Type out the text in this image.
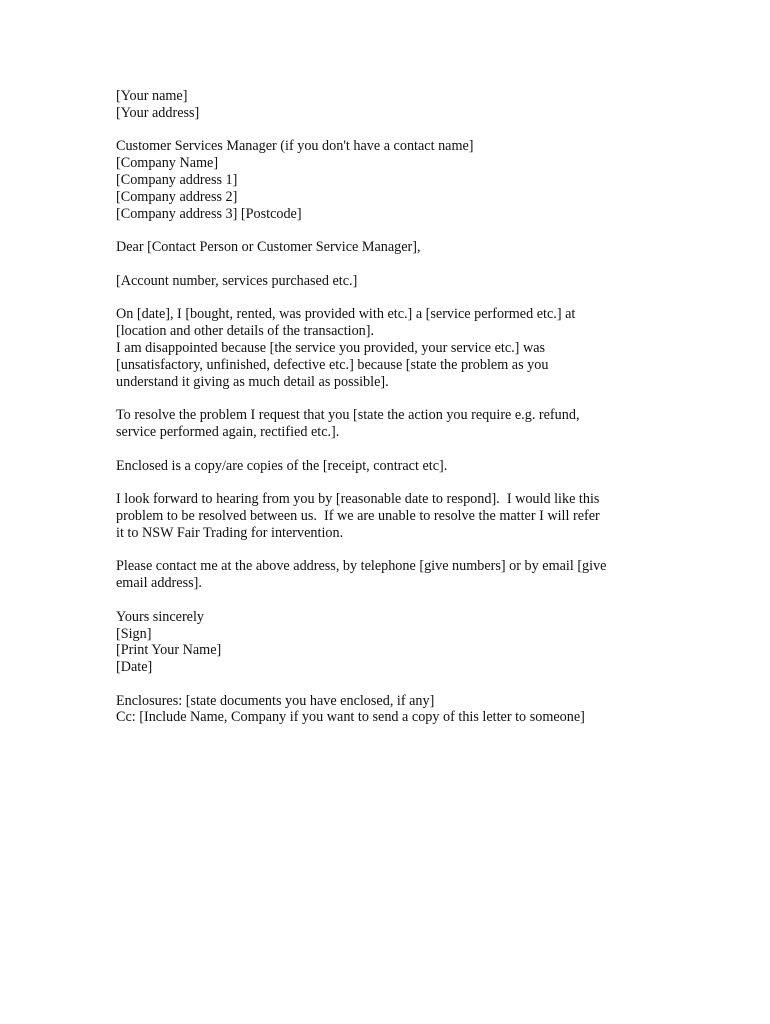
[Your name]
[Your address]
Customer Services Manager (if you don't have a contact name]
[Company Name]
[Company address 1]
[Company address 2]
[Company address 3] [Postcode]
Dear [Contact Person or Customer Service Manager],
[Account number, services purchased etc.]
On [date], I [bought, rented, was provided with etc.] a [service performed etc.] at
[location and other details of the transaction].
I am disappointed because [the service you provided, your service etc.] was
[unsatisfactory, unfinished, defective etc.] because [state the problem as you
understand it giving as much detail as possible].
To resolve the problem I request that you [state the action you require e.g. refund,
service performed again, rectified etc.].
Enclosed is a copy/are copies of the [receipt, contract etc].
I look forward to hearing from you by [reasonable date to respond].  I would like this
problem to be resolved between us.  If we are unable to resolve the matter I will refer
it to NSW Fair Trading for intervention.
Please contact me at the above address, by telephone [give numbers] or by email [give
email address].
Yours sincerely
[Sign]
[Print Your Name]
[Date]
Enclosures: [state documents you have enclosed, if any]
Cc: [Include Name, Company if you want to send a copy of this letter to someone]
